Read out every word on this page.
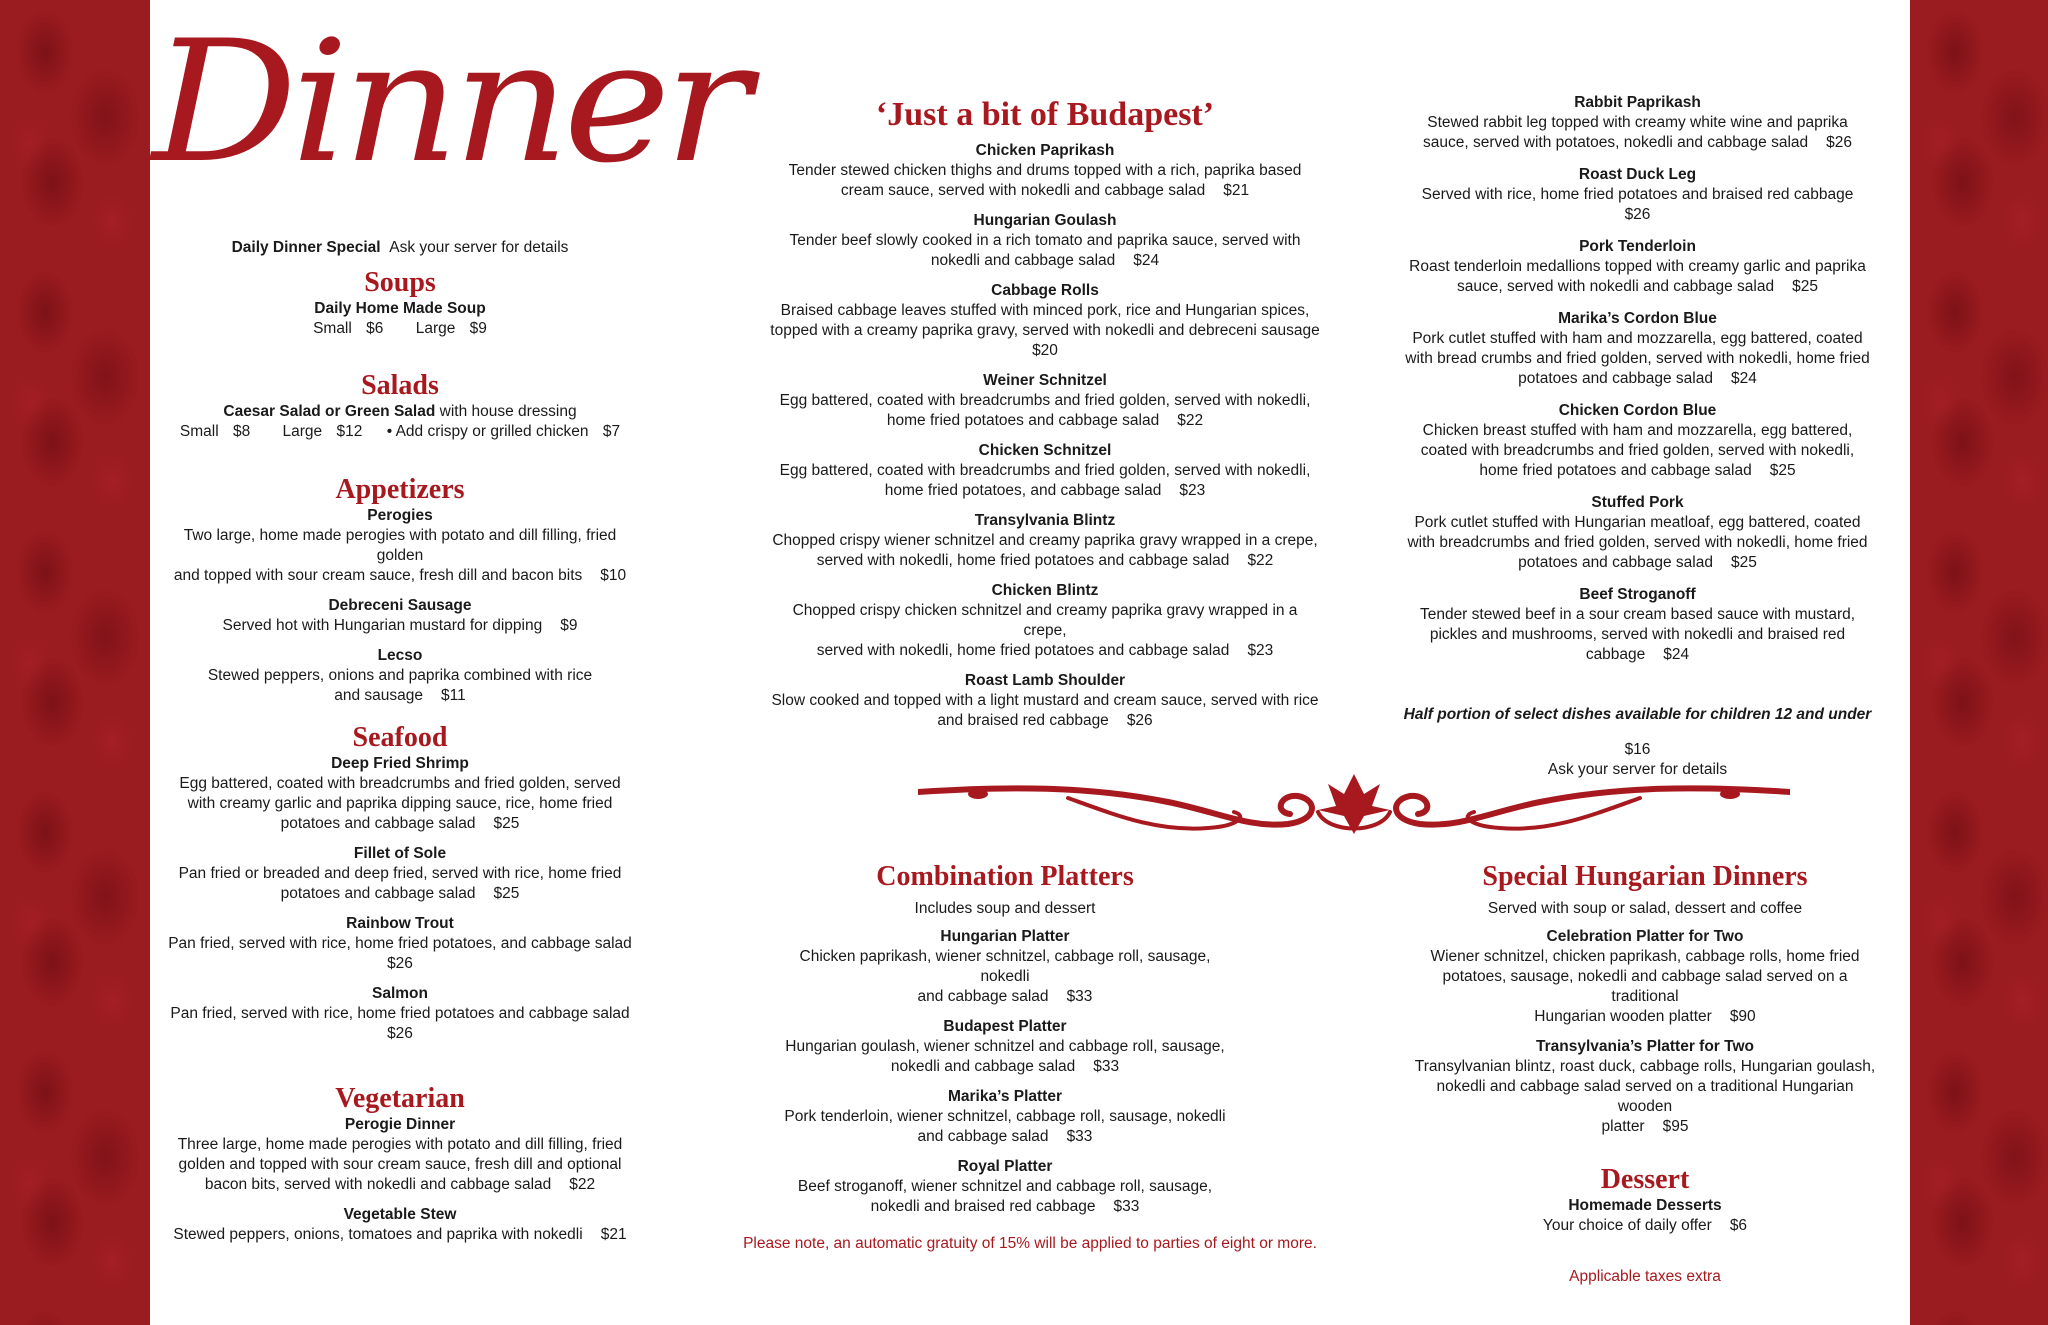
Dinner

Daily Dinner Special Ask your server for details

Soups

Daily Home Made Soup

Small $6 Large $9

Salads

Caesar Salad or Green Salad with house dressing

Small $8 Large $12 • Add crispy or grilled chicken $7

Appetizers

Perogies

Two large, home made perogies with potato and dill filling, fried golden

and topped with sour cream sauce, fresh dill and bacon bits $10

Debreceni Sausage

Served hot with Hungarian mustard for dipping $9

Lecso

Stewed peppers, onions and paprika combined with rice

and sausage $11

Seafood

Deep Fried Shrimp

Egg battered, coated with breadcrumbs and fried golden, served

with creamy garlic and paprika dipping sauce, rice, home fried

potatoes and cabbage salad $25

Fillet of Sole

Pan fried or breaded and deep fried, served with rice, home fried

potatoes and cabbage salad $25

Rainbow Trout

Pan fried, served with rice, home fried potatoes, and cabbage salad

$26

Salmon

Pan fried, served with rice, home fried potatoes and cabbage salad

$26

Vegetarian

Perogie Dinner

Three large, home made perogies with potato and dill filling, fried

golden and topped with sour cream sauce, fresh dill and optional

bacon bits, served with nokedli and cabbage salad $22

Vegetable Stew

Stewed peppers, onions, tomatoes and paprika with nokedli $21

‘Just a bit of Budapest’

Chicken Paprikash

Tender stewed chicken thighs and drums topped with a rich, paprika based

cream sauce, served with nokedli and cabbage salad $21

Hungarian Goulash

Tender beef slowly cooked in a rich tomato and paprika sauce, served with

nokedli and cabbage salad $24

Cabbage Rolls

Braised cabbage leaves stuffed with minced pork, rice and Hungarian spices,

topped with a creamy paprika gravy, served with nokedli and debreceni sausage

$20

Weiner Schnitzel

Egg battered, coated with breadcrumbs and fried golden, served with nokedli,

home fried potatoes and cabbage salad $22

Chicken Schnitzel

Egg battered, coated with breadcrumbs and fried golden, served with nokedli,

home fried potatoes, and cabbage salad $23

Transylvania Blintz

Chopped crispy wiener schnitzel and creamy paprika gravy wrapped in a crepe,

served with nokedli, home fried potatoes and cabbage salad $22

Chicken Blintz

Chopped crispy chicken schnitzel and creamy paprika gravy wrapped in a crepe,

served with nokedli, home fried potatoes and cabbage salad $23

Roast Lamb Shoulder

Slow cooked and topped with a light mustard and cream sauce, served with rice

and braised red cabbage $26

Rabbit Paprikash

Stewed rabbit leg topped with creamy white wine and paprika

sauce, served with potatoes, nokedli and cabbage salad $26

Roast Duck Leg

Served with rice, home fried potatoes and braised red cabbage

$26

Pork Tenderloin

Roast tenderloin medallions topped with creamy garlic and paprika

sauce, served with nokedli and cabbage salad $25

Marika’s Cordon Blue

Pork cutlet stuffed with ham and mozzarella, egg battered, coated

with bread crumbs and fried golden, served with nokedli, home fried

potatoes and cabbage salad $24

Chicken Cordon Blue

Chicken breast stuffed with ham and mozzarella, egg battered,

coated with breadcrumbs and fried golden, served with nokedli,

home fried potatoes and cabbage salad $25

Stuffed Pork

Pork cutlet stuffed with Hungarian meatloaf, egg battered, coated

with breadcrumbs and fried golden, served with nokedli, home fried

potatoes and cabbage salad $25

Beef Stroganoff

Tender stewed beef in a sour cream based sauce with mustard,

pickles and mushrooms, served with nokedli and braised red

cabbage $24

Half portion of select dishes available for children 12 and under

$16

Ask your server for details

Combination Platters

Includes soup and dessert

Hungarian Platter

Chicken paprikash, wiener schnitzel, cabbage roll, sausage, nokedli

and cabbage salad $33

Budapest Platter

Hungarian goulash, wiener schnitzel and cabbage roll, sausage,

nokedli and cabbage salad $33

Marika’s Platter

Pork tenderloin, wiener schnitzel, cabbage roll, sausage, nokedli

and cabbage salad $33

Royal Platter

Beef stroganoff, wiener schnitzel and cabbage roll, sausage,

nokedli and braised red cabbage $33

Please note, an automatic gratuity of 15% will be applied to parties of eight or more.
Special Hungarian Dinners

Served with soup or salad, dessert and coffee

Celebration Platter for Two

Wiener schnitzel, chicken paprikash, cabbage rolls, home fried

potatoes, sausage, nokedli and cabbage salad served on a traditional

Hungarian wooden platter $90

Transylvania’s Platter for Two

Transylvanian blintz, roast duck, cabbage rolls, Hungarian goulash,

nokedli and cabbage salad served on a traditional Hungarian wooden

platter $95

Dessert

Homemade Desserts

Your choice of daily offer $6

Applicable taxes extra
